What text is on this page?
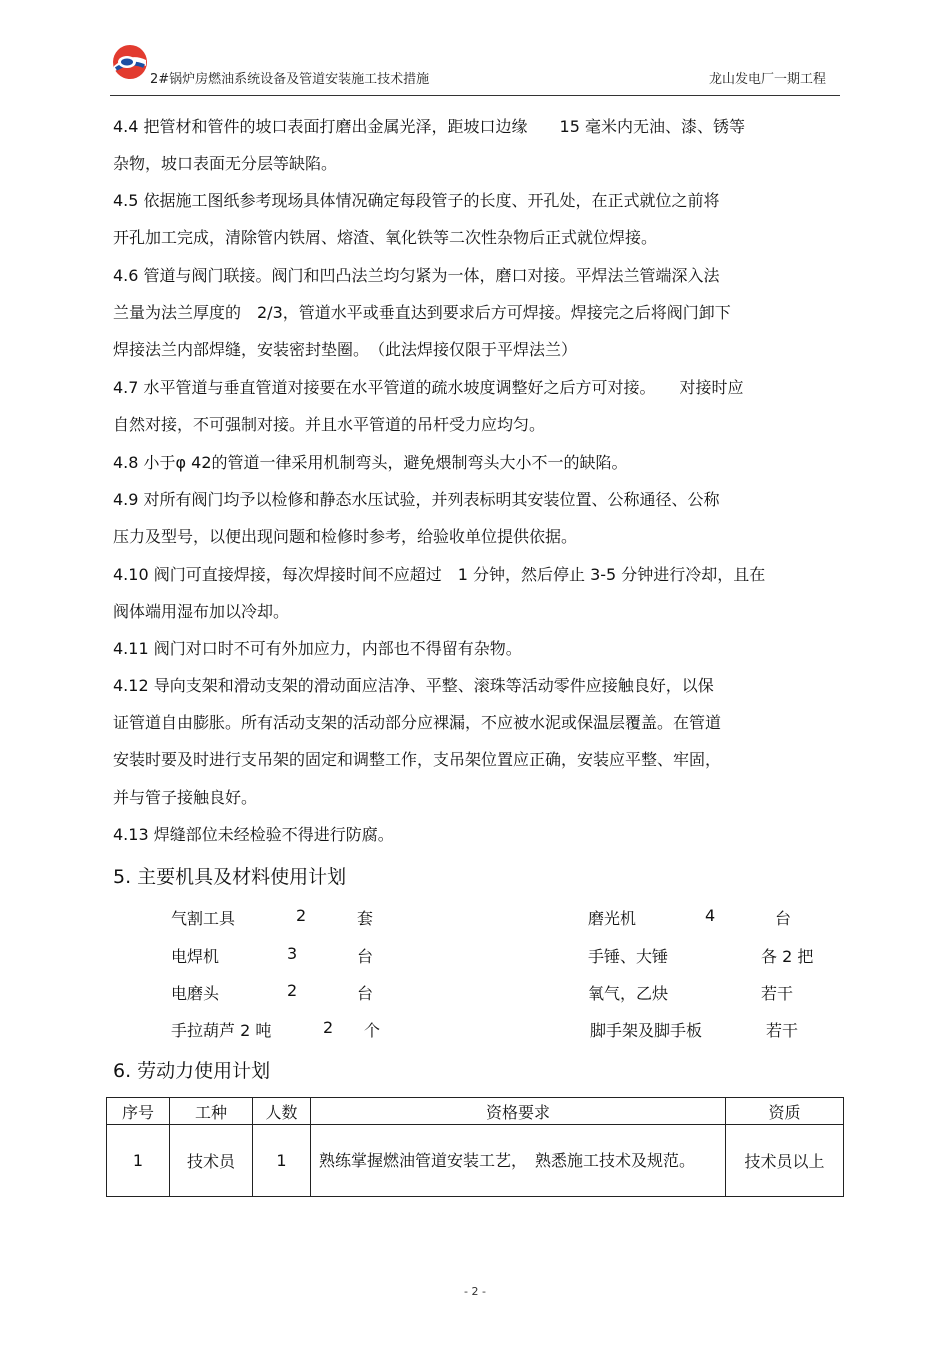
2#锅炉房燃油系统设备及管道安装施工技术措施	龙山发电厂一期工程
4.4 把管材和管件的坡口表面打磨出金属光泽，距坡口边缘　　15 毫米内无油、漆、锈等
杂物，坡口表面无分层等缺陷。
4.5 依据施工图纸参考现场具体情况确定每段管子的长度、开孔处，在正式就位之前将
开孔加工完成，清除管内铁屑、熔渣、氧化铁等二次性杂物后正式就位焊接。
4.6 管道与阀门联接。阀门和凹凸法兰均匀紧为一体，磨口对接。平焊法兰管端深入法
兰量为法兰厚度的　2/3，管道水平或垂直达到要求后方可焊接。焊接完之后将阀门卸下
焊接法兰内部焊缝，安装密封垫圈。　（此法焊接仅限于平焊法兰）
4.7 水平管道与垂直管道对接要在水平管道的疏水坡度调整好之后方可对接。　　对接时应
自然对接，不可强制对接。并且水平管道的吊杆受力应均匀。
4.8 小于φ 42的管道一律采用机制弯头，避免煨制弯头大小不一的缺陷。
4.9 对所有阀门均予以检修和静态水压试验，并列表标明其安装位置、公称通径、公称
压力及型号，以便出现问题和检修时参考，给验收单位提供依据。
4.10 阀门可直接焊接，每次焊接时间不应超过　1 分钟，然后停止 3-5 分钟进行冷却，且在
阀体端用湿布加以冷却。
4.11 阀门对口时不可有外加应力，内部也不得留有杂物。
4.12 导向支架和滑动支架的滑动面应洁净、平整、滚珠等活动零件应接触良好，以保
证管道自由膨胀。所有活动支架的活动部分应裸漏，不应被水泥或保温层覆盖。在管道
安装时要及时进行支吊架的固定和调整工作，支吊架位置应正确，安装应平整、牢固，
并与管子接触良好。
4.13 焊缝部位未经检验不得进行防腐。
5. 主要机具及材料使用计划
气割工具	2	套	磨光机	4	台
电焊机	3	台	手锤、大锤	各 2 把
电磨头	2	台	氧气，乙炔	若干
手拉葫芦 2 吨	2 个	脚手架及脚手板	若干
6. 劳动力使用计划
序号	工种	人数	资格要求	资质
1	技术员	1	熟练掌握燃油管道安装工艺，　熟悉施工技术及规范。	技术员以上
- 2 -
